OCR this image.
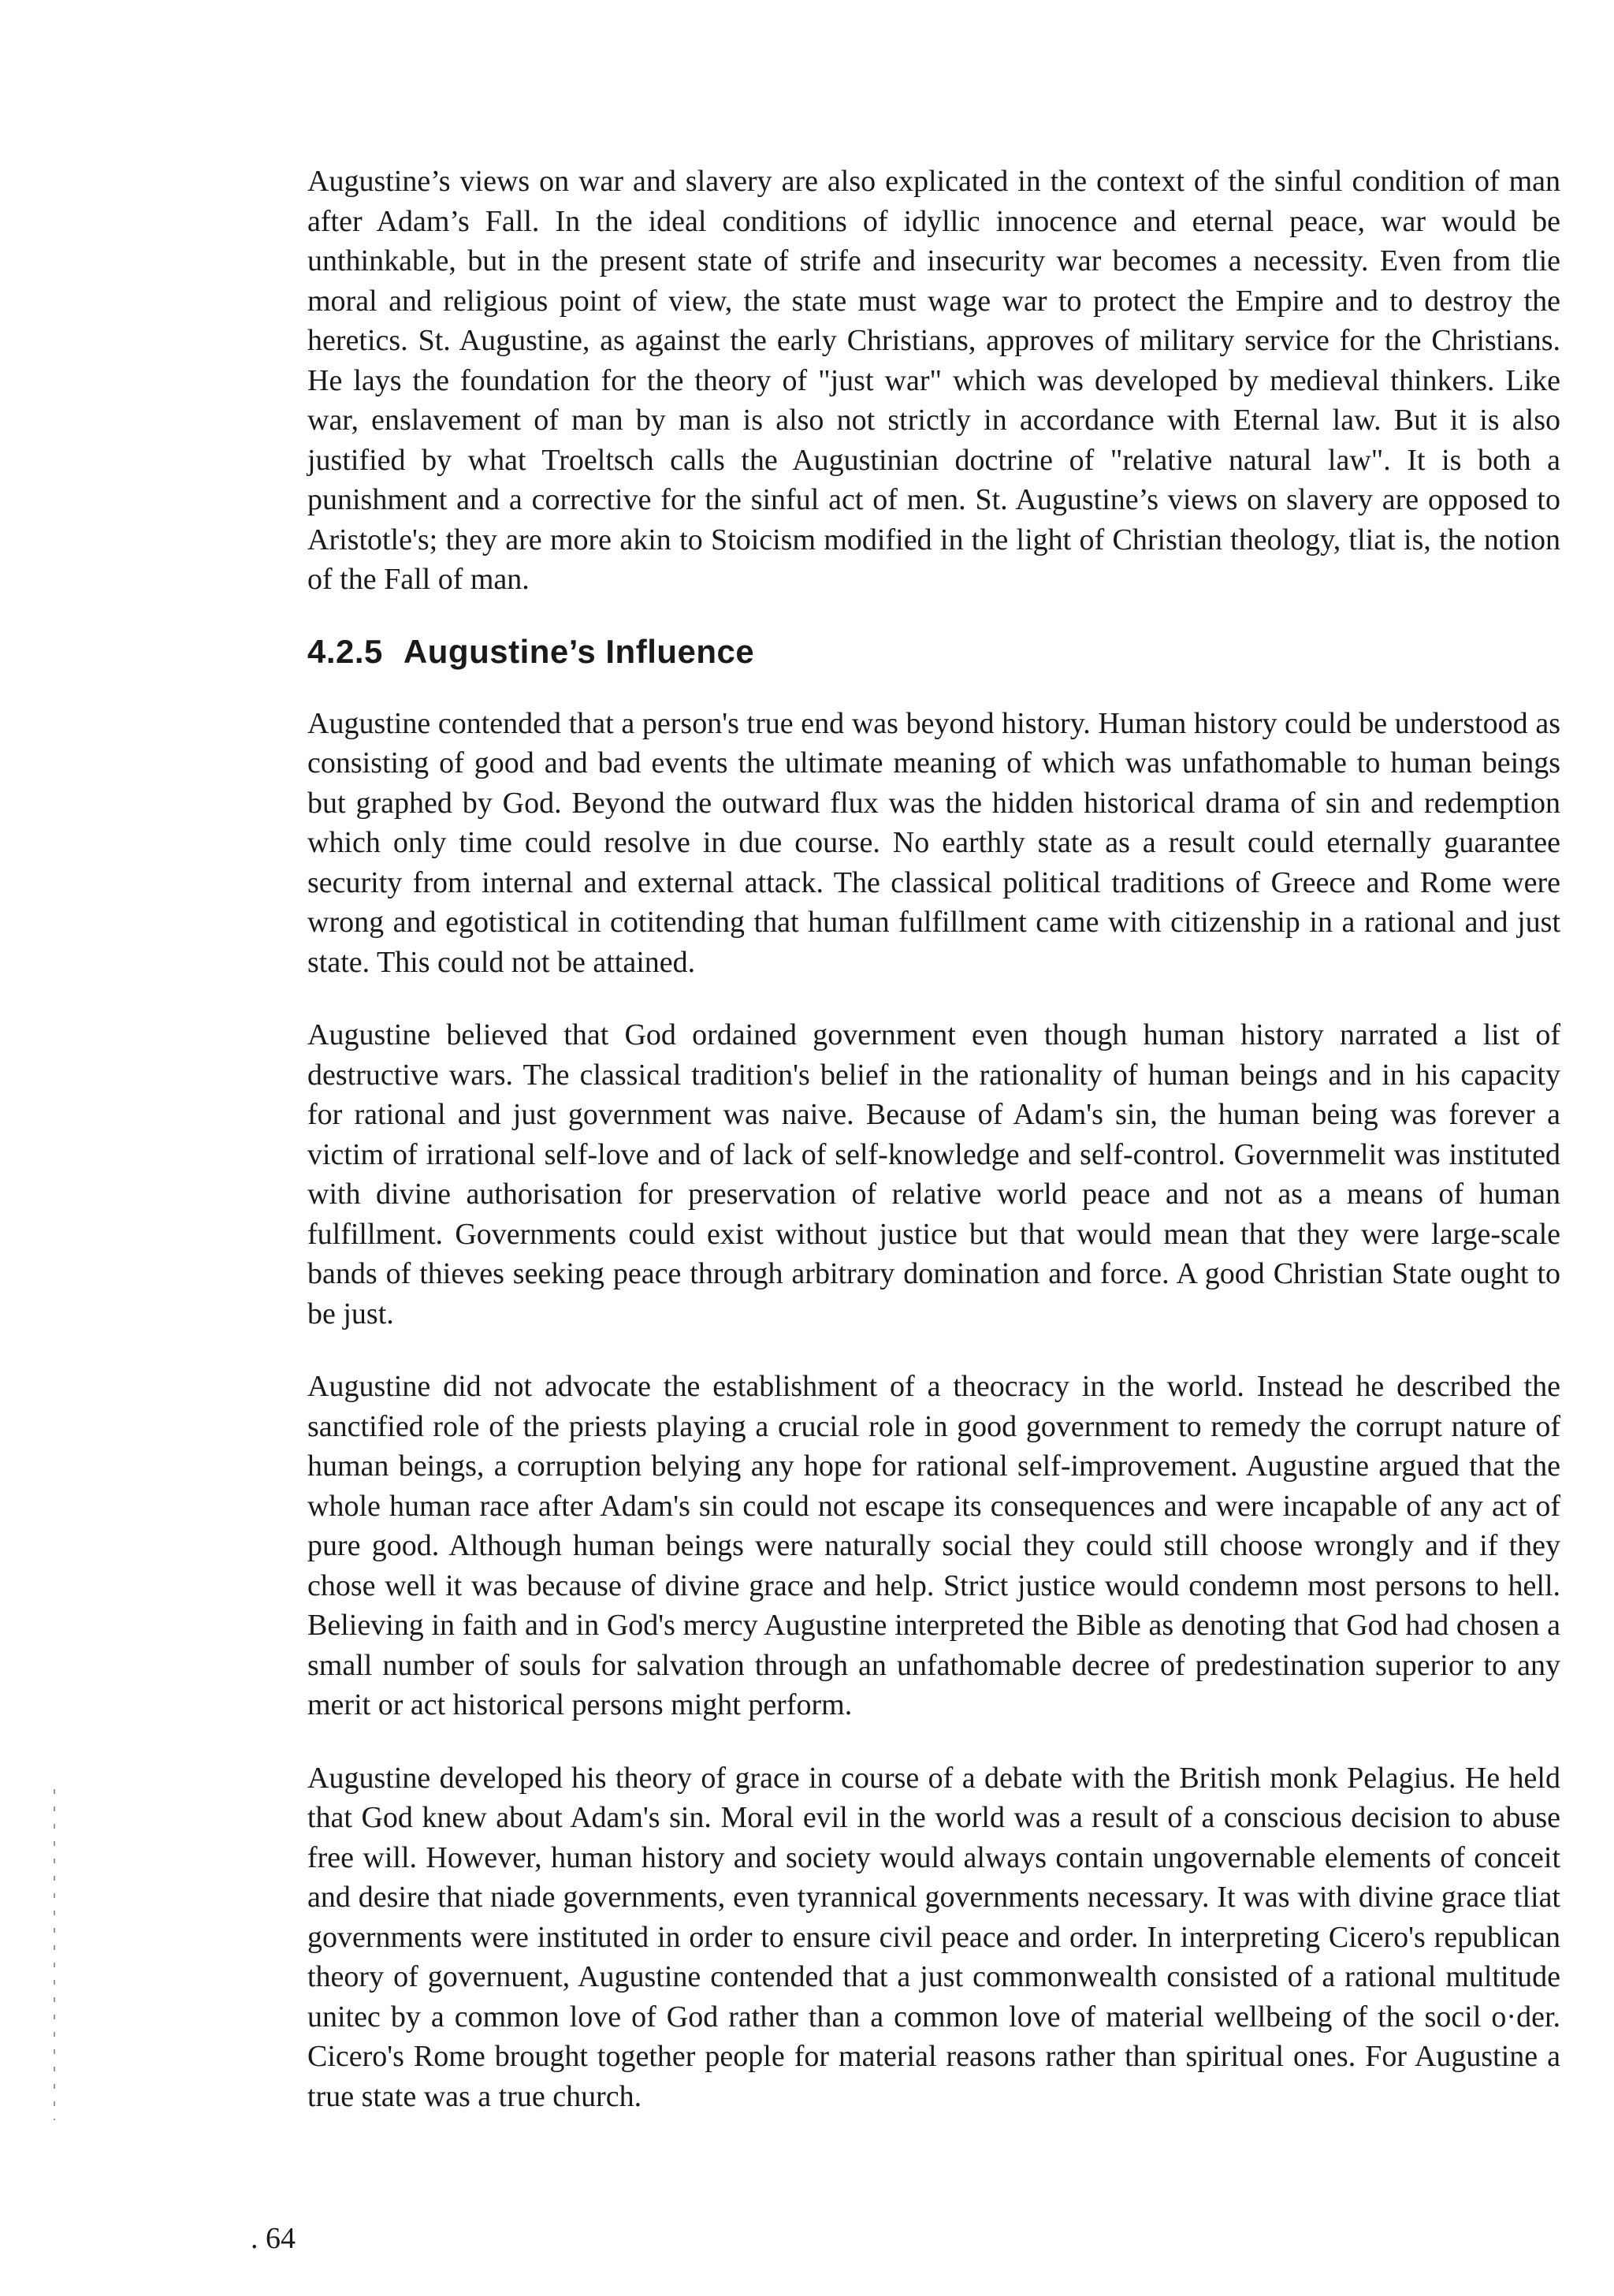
Augustine’s views on war and slavery are also explicated in the context of the sinful condition of man after Adam’s Fall. In the ideal conditions of idyllic innocence and eternal peace, war would be unthinkable, but in the present state of strife and insecurity war becomes a necessity. Even from tlie moral and religious point of view, the state must wage war to protect the Empire and to destroy the heretics. St. Augustine, as against the early Christians, approves of military service for the Christians. He lays the foundation for the theory of "just war" which was developed by medieval thinkers. Like war, enslavement of man by man is also not strictly in accordance with Eternal law. But it is also justified by what Troeltsch calls the Augustinian doctrine of "relative natural law". It is both a punishment and a corrective for the sinful act of men. St. Augustine’s views on slavery are opposed to Aristotle's; they are more akin to Stoicism modified in the light of Christian theology, tliat is, the notion of the Fall of man.

4.2.5 Augustine’s Influence

Augustine contended that a person's true end was beyond history. Human history could be understood as consisting of good and bad events the ultimate meaning of which was unfathomable to human beings but graphed by God. Beyond the outward flux was the hidden historical drama of sin and redemption which only time could resolve in due course. No earthly state as a result could eternally guarantee security from internal and external attack. The classical political traditions of Greece and Rome were wrong and egotistical in cotitending that human fulfillment came with citizenship in a rational and just state. This could not be attained.

Augustine believed that God ordained government even though human history narrated a list of destructive wars. The classical tradition's belief in the rationality of human beings and in his capacity for rational and just government was naive. Because of Adam's sin, the human being was forever a victim of irrational self-love and of lack of self-knowledge and self-control. Governmelit was instituted with divine authorisation for preservation of relative world peace and not as a means of human fulfillment. Governments could exist without justice but that would mean that they were large-scale bands of thieves seeking peace through arbitrary domination and force. A good Christian State ought to be just.

Augustine did not advocate the establishment of a theocracy in the world. Instead he described the sanctified role of the priests playing a crucial role in good government to remedy the corrupt nature of human beings, a corruption belying any hope for rational self-improvement. Augustine argued that the whole human race after Adam's sin could not escape its consequences and were incapable of any act of pure good. Although human beings were naturally social they could still choose wrongly and if they chose well it was because of divine grace and help. Strict justice would condemn most persons to hell. Believing in faith and in God's mercy Augustine interpreted the Bible as denoting that God had chosen a small number of souls for salvation through an unfathomable decree of predestination superior to any merit or act historical persons might perform.

Augustine developed his theory of grace in course of a debate with the British monk Pelagius. He held that God knew about Adam's sin. Moral evil in the world was a result of a conscious decision to abuse free will. However, human history and society would always contain ungovernable elements of conceit and desire that niade governments, even tyrannical governments necessary. It was with divine grace tliat governments were instituted in order to ensure civil peace and order. In interpreting Cicero's republican theory of governuent, Augustine contended that a just commonwealth consisted of a rational multitude unitec by a common love of God rather than a common love of material wellbeing of the socil o·der. Cicero's Rome brought together people for material reasons rather than spiritual ones. For Augustine a true state was a true church.

. 64
